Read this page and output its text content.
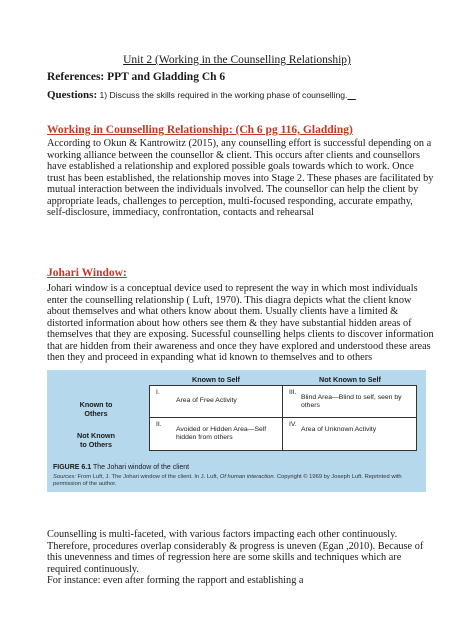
Unit 2 (Working in the Counselling Relationship)
References: PPT and Gladding Ch 6
Questions: 1) Discuss the skills required in the working phase of counselling. _
Working in Counselling Relationship: (Ch 6 pg 116, Gladding)
According to Okun & Kantrowitz (2015), any counselling effort is successful depending on a
working alliance between the counsellor & client. This occurs after clients and counsellors
have established a relationship and explored possible goals towards which to work. Once
trust has been established, the relationship moves into Stage 2. These phases are facilitated by
mutual interaction between the individuals involved. The counsellor can help the client by
appropriate leads, challenges to perception, multi-focused responding, accurate empathy,
self-disclosure, immediacy, confrontation, contacts and rehearsal
Johari Window:
Johari window is a conceptual device used to represent the way in which most individuals
enter the counselling relationship ( Luft, 1970). This diagra depicts what the client know
about themselves and what others know about them. Usually clients have a limited &
distorted information about how others see them & they have substantial hidden areas of
themselves that they are exposing. Sucessful counselling helps clients to discover information
that are hidden from their awareness and once they have explored and understood these areas
then they and proceed in expanding what id known to themselves and to others
Known to Self	Not Known to Self
Known to
Others
Not Known
to Others
I.
Area of Free Activity
III.
Blind Area—Blind to self, seen by others
II.
Avoided or Hidden Area—Self hidden from others
IV.
Area of Unknown Activity
FIGURE 6.1 The Johari window of the client
Sources: From Luft, J. The Johari window of the client. In J. Luft, Of human interaction. Copyright © 1969 by Joseph Luft. Reprinted with permission of the author.
Counselling is multi-faceted, with various factors impacting each other continuously.
Therefore, procedures overlap considerably & progress is uneven (Egan ,2010). Because of
this unevenness and times of regression here are some skills and techniques which are
required continuously.
For instance: even after forming the rapport and establishing a
